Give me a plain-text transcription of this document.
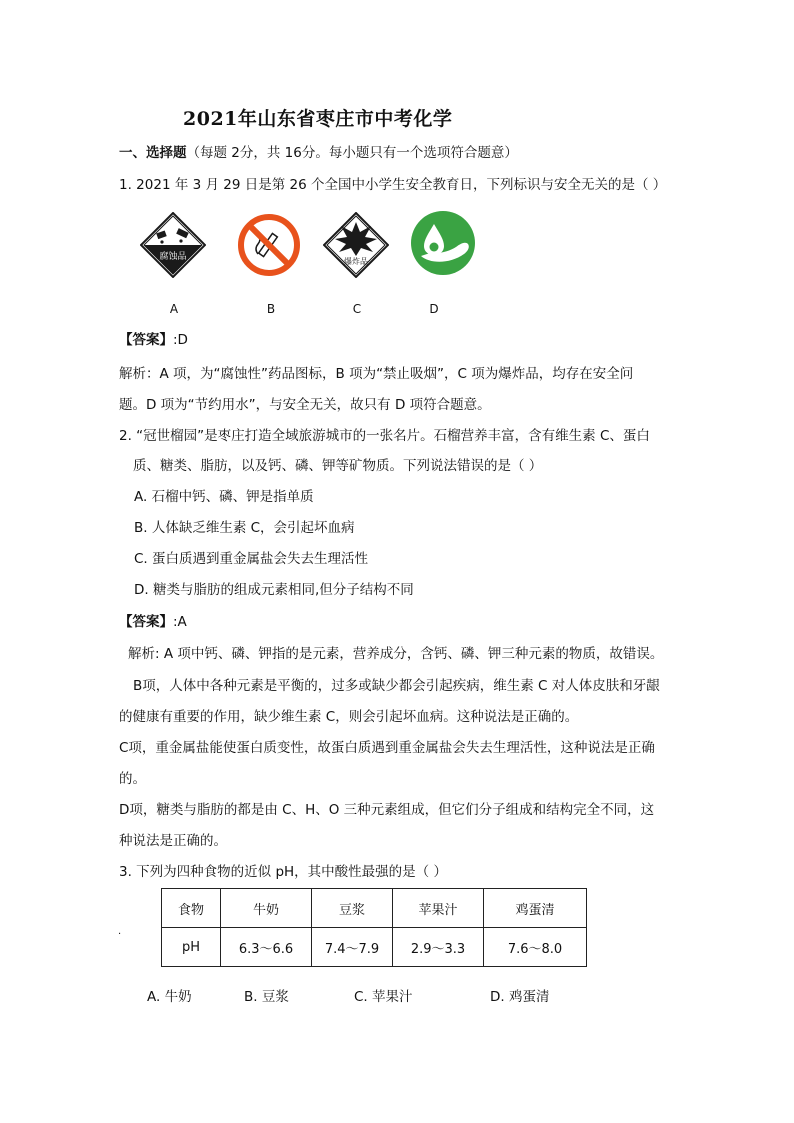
2021年山东省枣庄市中考化学
一、选择题（每题 2分，共 16分。每小题只有一个选项符合题意）
1. 2021 年 3 月 29 日是第 26 个全国中小学生安全教育日，下列标识与安全无关的是（ ）
腐蚀品	爆炸品
A	B	C	D
【答案】:D
解析：A 项，为“腐蚀性”药品图标，B 项为“禁止吸烟”，C 项为爆炸品，均存在安全问
题。D 项为“节约用水”，与安全无关，故只有 D 项符合题意。
2. “冠世榴园”是枣庄打造全域旅游城市的一张名片。石榴营养丰富，含有维生素 C、蛋白
质、糖类、脂肪，以及钙、磷、钾等矿物质。下列说法错误的是（ ）
A. 石榴中钙、磷、钾是指单质
B. 人体缺乏维生素 C，会引起坏血病
C. 蛋白质遇到重金属盐会失去生理活性
D. 糖类与脂肪的组成元素相同,但分子结构不同
【答案】:A
解析: A 项中钙、磷、钾指的是元素，营养成分，含钙、磷、钾三种元素的物质，故错误。
B项，人体中各种元素是平衡的，过多或缺少都会引起疾病，维生素 C 对人体皮肤和牙龈
的健康有重要的作用，缺少维生素 C，则会引起坏血病。这种说法是正确的。
C项，重金属盐能使蛋白质变性，故蛋白质遇到重金属盐会失去生理活性，这种说法是正确
的。
D项，糖类与脂肪的都是由 C、H、O 三种元素组成，但它们分子组成和结构完全不同，这
种说法是正确的。
3. 下列为四种食物的近似 pH，其中酸性最强的是（ ）
.
食物	牛奶	豆浆	苹果汁	鸡蛋清
pH	6.3～6.6	7.4～7.9	2.9～3.3	7.6～8.0
A. 牛奶	B. 豆浆	C. 苹果汁	D. 鸡蛋清
